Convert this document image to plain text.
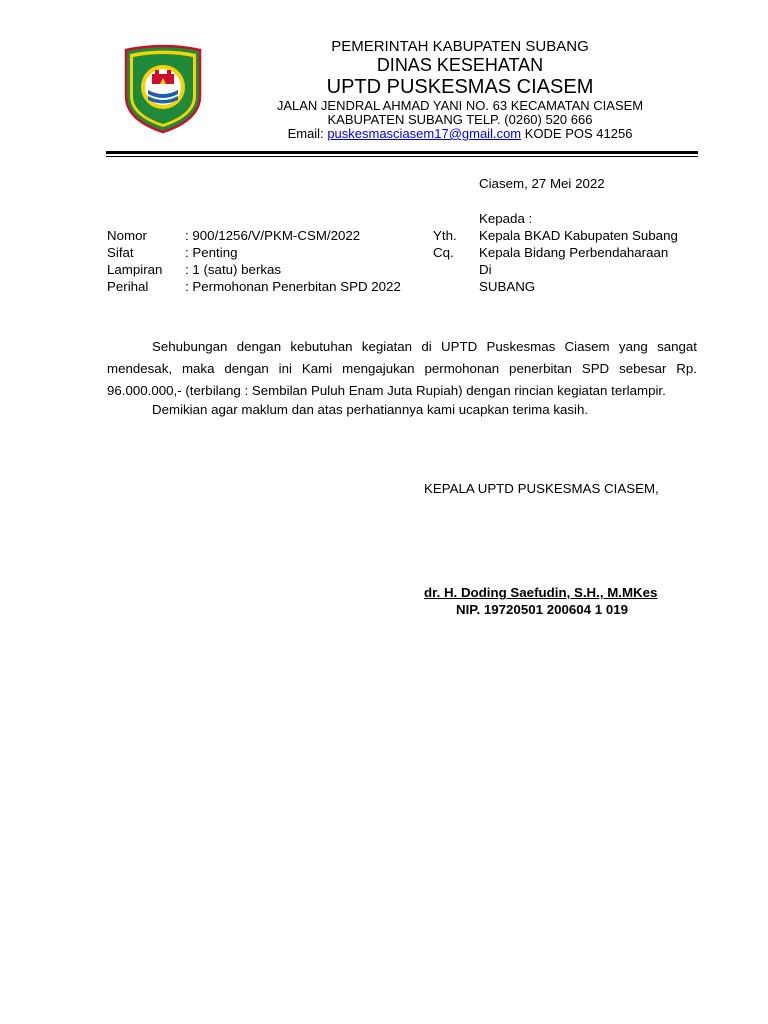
PEMERINTAH KABUPATEN SUBANG
DINAS KESEHATAN
UPTD PUSKESMAS CIASEM
JALAN JENDRAL AHMAD YANI NO. 63 KECAMATAN CIASEM
KABUPATEN SUBANG TELP. (0260) 520 666
Email: puskesmasciasem17@gmail.com KODE POS 41256
Ciasem, 27 Mei 2022
Kepada :
Yth. Kepala BKAD Kabupaten Subang
Cq. Kepala Bidang Perbendaharaan
Di
SUBANG
Nomor	: 900/1256/V/PKM-CSM/2022
Sifat	: Penting
Lampiran : 1 (satu) berkas
Perihal	: Permohonan Penerbitan SPD 2022
Sehubungan dengan kebutuhan kegiatan di UPTD Puskesmas Ciasem yang sangat mendesak, maka dengan ini Kami mengajukan permohonan penerbitan SPD sebesar Rp. 96.000.000,- (terbilang : Sembilan Puluh Enam Juta Rupiah) dengan rincian kegiatan terlampir.
Demikian agar maklum dan atas perhatiannya kami ucapkan terima kasih.
KEPALA UPTD PUSKESMAS CIASEM,
dr. H. Doding Saefudin, S.H., M.MKes
NIP. 19720501 200604 1 019
